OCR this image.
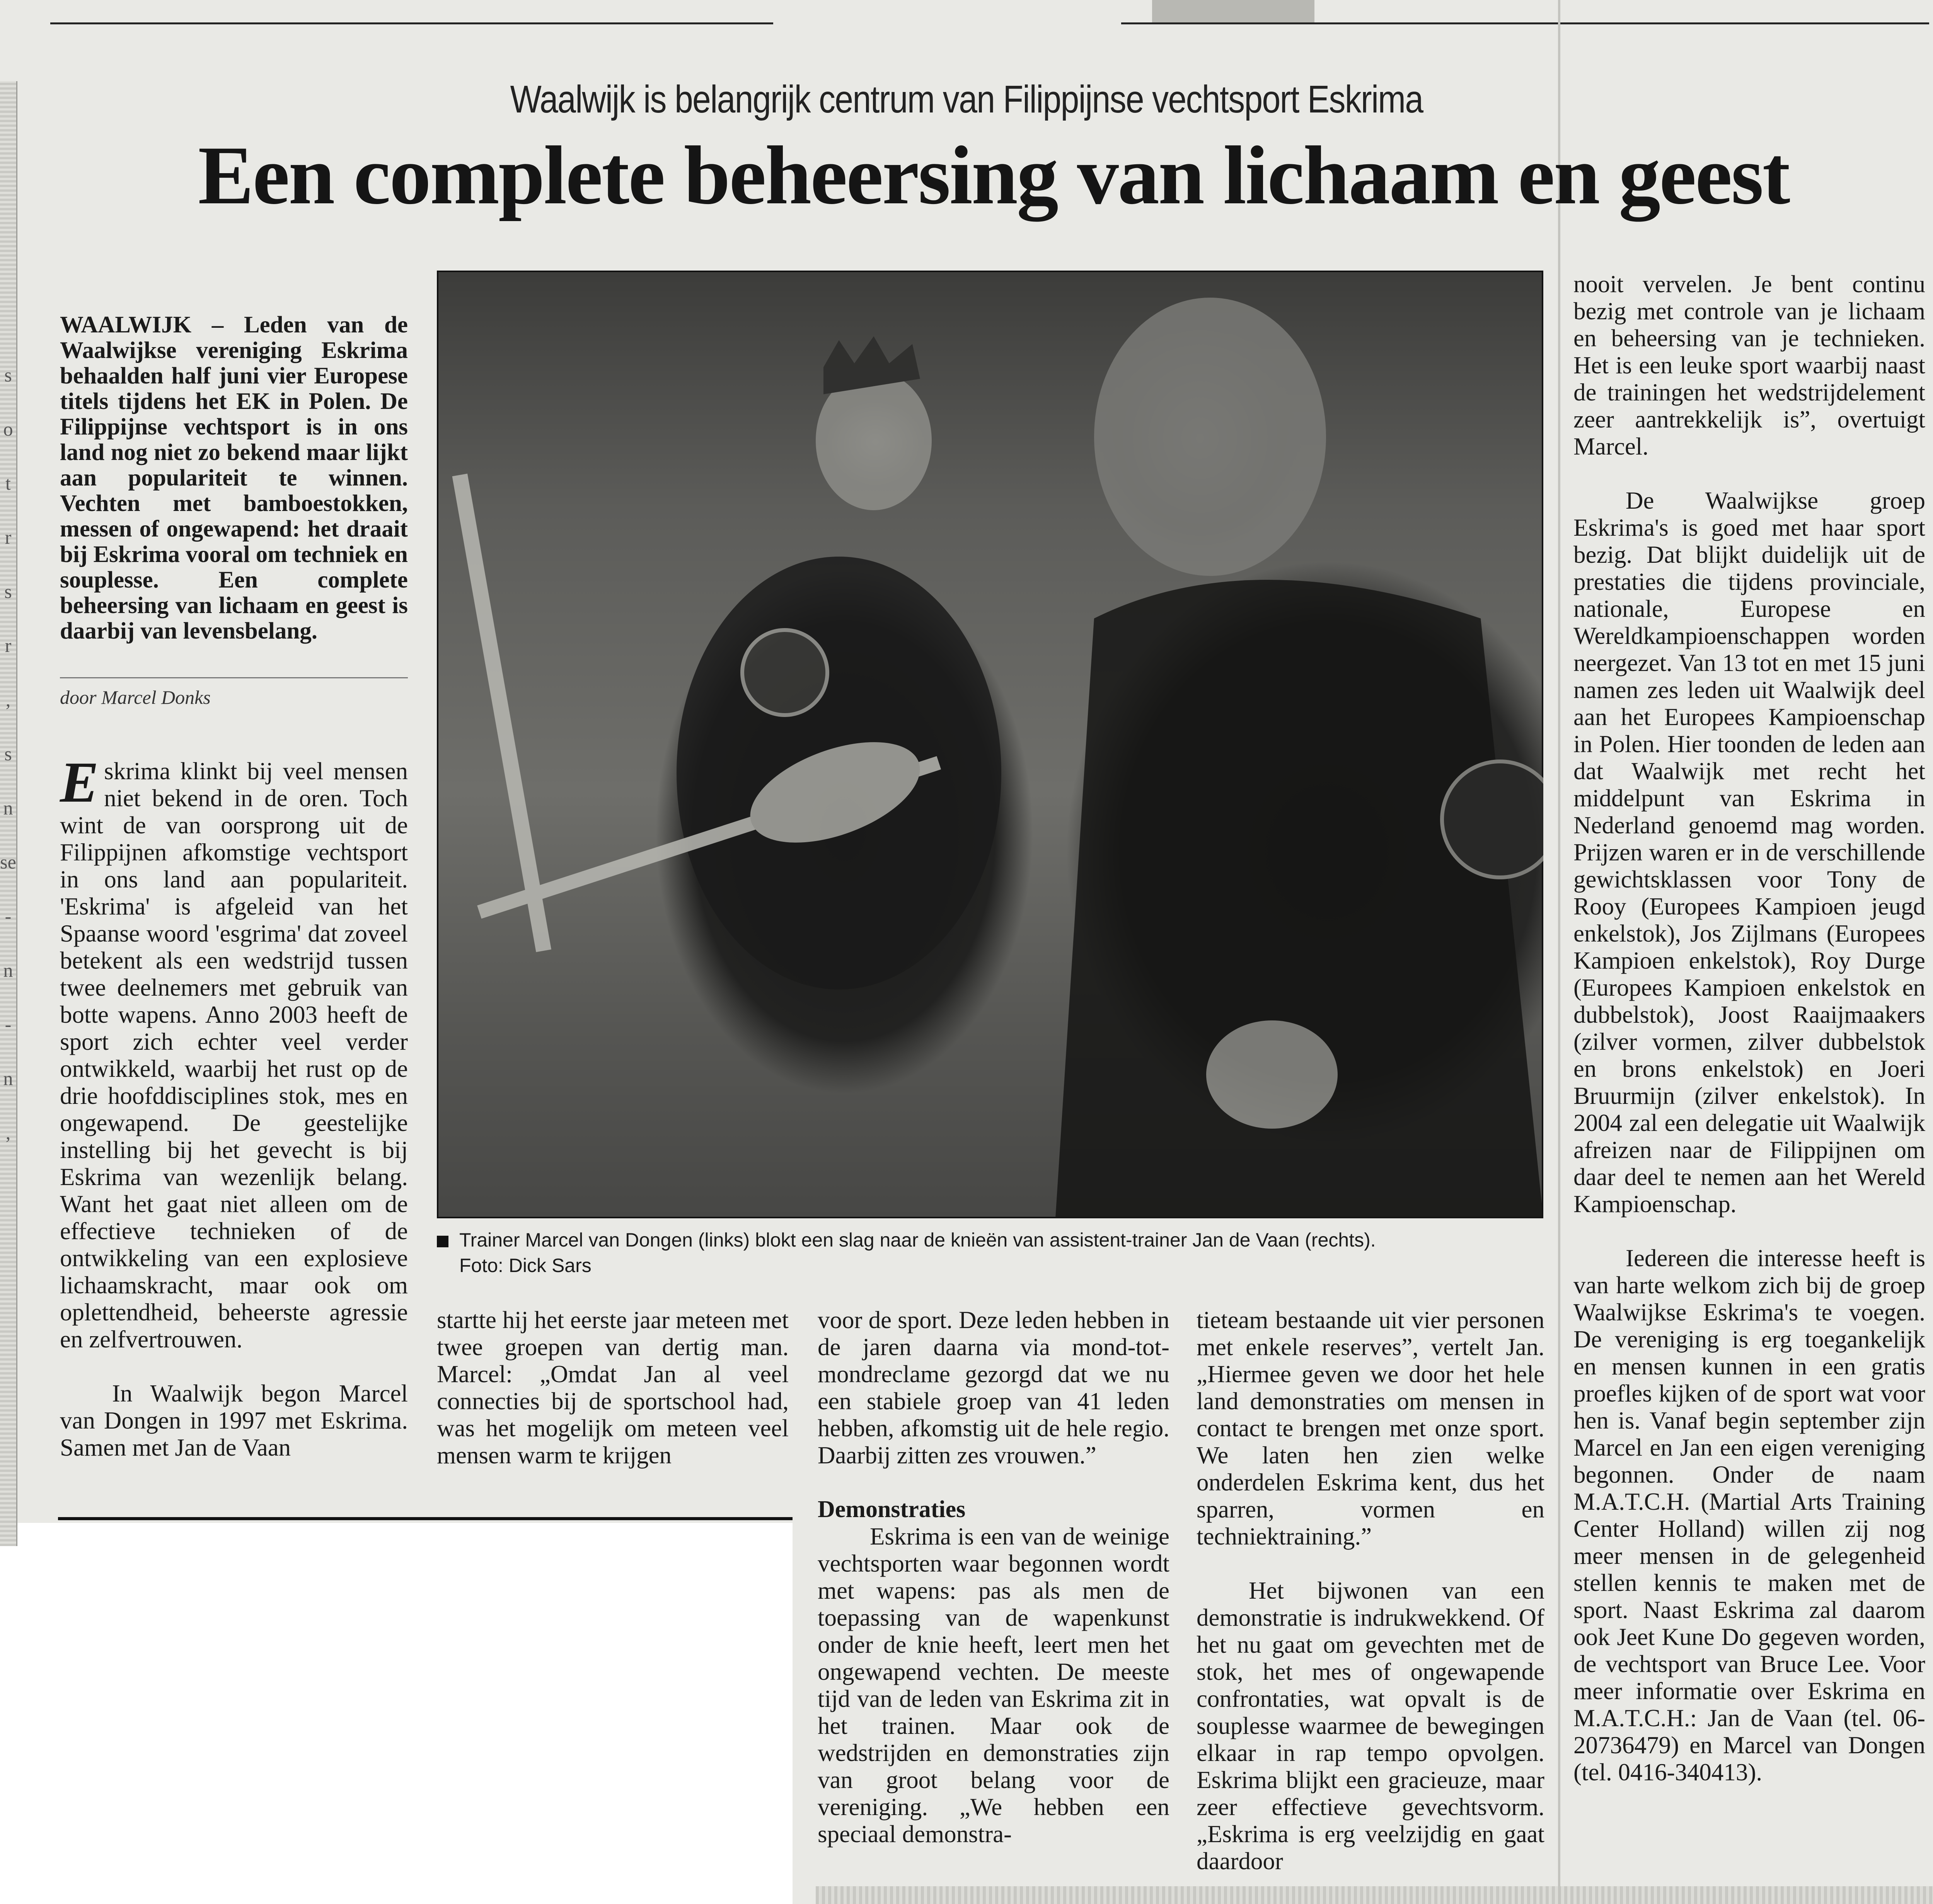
s
o
t
r
s
r
,
s
n
se
-
n
-
n
,
Waalwijk is belangrijk centrum van Filippijnse vechtsport Eskrima
Een complete beheersing van lichaam en geest
WAALWIJK – Leden van de Waalwijkse vereniging Eskrima behaalden half juni vier Europese titels tijdens het EK in Polen. De Filippijnse vechtsport is in ons land nog niet zo bekend maar lijkt aan populariteit te winnen. Vechten met bamboestokken, messen of ongewapend: het draait bij Eskrima vooral om techniek en souplesse. Een complete beheersing van lichaam en geest is daarbij van levensbelang.
door Marcel Donks

Eskrima klinkt bij veel mensen niet bekend in de oren. Toch wint de van oorsprong uit de Filippijnen afkomstige vechtsport in ons land aan populariteit. 'Eskrima' is afgeleid van het Spaanse woord 'esgrima' dat zoveel betekent als een wedstrijd tussen twee deelnemers met gebruik van botte wapens. Anno 2003 heeft de sport zich echter veel verder ontwikkeld, waarbij het rust op de drie hoofddisciplines stok, mes en ongewapend. De geestelijke instelling bij het gevecht is bij Eskrima van wezenlijk belang. Want het gaat niet alleen om de effectieve technieken of de ontwikkeling van een explosieve lichaamskracht, maar ook om oplettendheid, beheerste agressie en zelfvertrouwen.

In Waalwijk begon Marcel van Dongen in 1997 met Eskrima. Samen met Jan de Vaan

Trainer Marcel van Dongen (links) blokt een slag naar de knieën van assistent-trainer Jan de Vaan (rechts).
Foto: Dick Sars

startte hij het eerste jaar meteen met twee groepen van dertig man. Marcel: „Omdat Jan al veel connecties bij de sportschool had, was het mogelijk om meteen veel mensen warm te krijgen

voor de sport. Deze leden hebben in de jaren daarna via mond-tot-mondreclame gezorgd dat we nu een stabiele groep van 41 leden hebben, afkomstig uit de hele regio. Daarbij zitten zes vrouwen.”

Demonstraties

Eskrima is een van de weinige vechtsporten waar begonnen wordt met wapens: pas als men de toepassing van de wapenkunst onder de knie heeft, leert men het ongewapend vechten. De meeste tijd van de leden van Eskrima zit in het trainen. Maar ook de wedstrijden en demonstraties zijn van groot belang voor de vereniging. „We hebben een speciaal demonstra-

tieteam bestaande uit vier personen met enkele reserves”, vertelt Jan. „Hiermee geven we door het hele land demonstraties om mensen in contact te brengen met onze sport. We laten hen zien welke onderdelen Eskrima kent, dus het sparren, vormen en techniektraining.”

Het bijwonen van een demonstratie is indrukwekkend. Of het nu gaat om gevechten met de stok, het mes of ongewapende confrontaties, wat opvalt is de souplesse waarmee de bewegingen elkaar in rap tempo opvolgen. Eskrima blijkt een gracieuze, maar zeer effectieve gevechtsvorm. „Eskrima is erg veelzijdig en gaat daardoor

nooit vervelen. Je bent continu bezig met controle van je lichaam en beheersing van je technieken. Het is een leuke sport waarbij naast de trainingen het wedstrijdelement zeer aantrekkelijk is”, overtuigt Marcel.

De Waalwijkse groep Eskrima's is goed met haar sport bezig. Dat blijkt duidelijk uit de prestaties die tijdens provinciale, nationale, Europese en Wereldkampioenschappen worden neergezet. Van 13 tot en met 15 juni namen zes leden uit Waalwijk deel aan het Europees Kampioenschap in Polen. Hier toonden de leden aan dat Waalwijk met recht het middelpunt van Eskrima in Nederland genoemd mag worden. Prijzen waren er in de verschillende gewichtsklassen voor Tony de Rooy (Europees Kampioen jeugd enkelstok), Jos Zijlmans (Europees Kampioen enkelstok), Roy Durge (Europees Kampioen enkelstok en dubbelstok), Joost Raaijmaakers (zilver vormen, zilver dubbelstok en brons enkelstok) en Joeri Bruurmijn (zilver enkelstok). In 2004 zal een delegatie uit Waalwijk afreizen naar de Filippijnen om daar deel te nemen aan het Wereld Kampioenschap.

Iedereen die interesse heeft is van harte welkom zich bij de groep Waalwijkse Eskrima's te voegen. De vereniging is erg toegankelijk en mensen kunnen in een gratis proefles kijken of de sport wat voor hen is. Vanaf begin september zijn Marcel en Jan een eigen vereniging begonnen. Onder de naam M.A.T.C.H. (Martial Arts Training Center Holland) willen zij nog meer mensen in de gelegenheid stellen kennis te maken met de sport. Naast Eskrima zal daarom ook Jeet Kune Do gegeven worden, de vechtsport van Bruce Lee. Voor meer informatie over Eskrima en M.A.T.C.H.: Jan de Vaan (tel. 06-20736479) en Marcel van Dongen (tel. 0416-340413).
